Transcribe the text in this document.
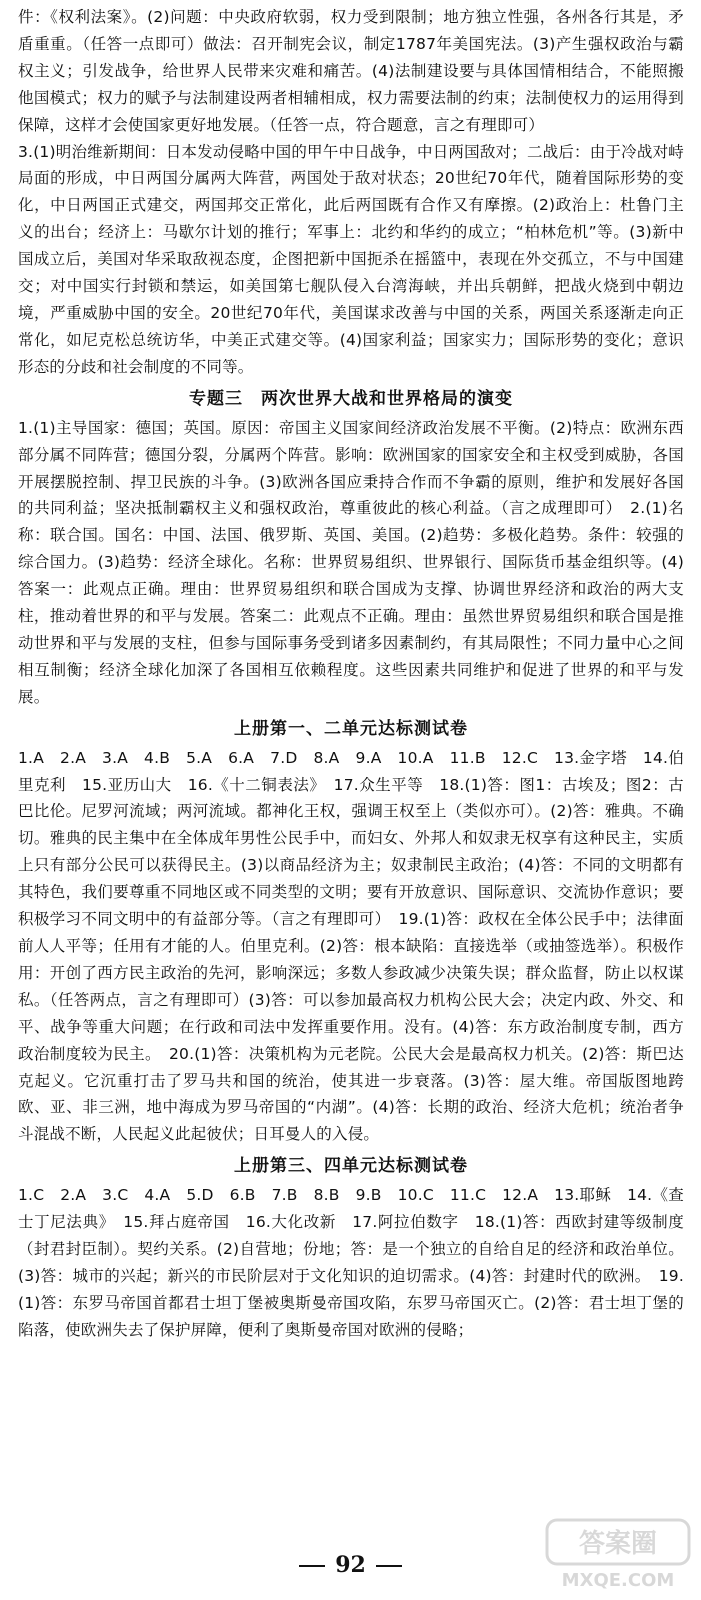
件：《权利法案》。(2)问题：中央政府软弱，权力受到限制；地方独立性强，各州各行其是，矛盾重重。（任答一点即可）做法：召开制宪会议，制定1787年美国宪法。(3)产生强权政治与霸权主义；引发战争，给世界人民带来灾难和痛苦。(4)法制建设要与具体国情相结合，不能照搬他国模式；权力的赋予与法制建设两者相辅相成，权力需要法制的约束；法制使权力的运用得到保障，这样才会使国家更好地发展。（任答一点，符合题意，言之有理即可）

3.(1)明治维新期间：日本发动侵略中国的甲午中日战争，中日两国敌对；二战后：由于冷战对峙局面的形成，中日两国分属两大阵营，两国处于敌对状态；20世纪70年代，随着国际形势的变化，中日两国正式建交，两国邦交正常化，此后两国既有合作又有摩擦。(2)政治上：杜鲁门主义的出台；经济上：马歇尔计划的推行；军事上：北约和华约的成立；“柏林危机”等。(3)新中国成立后，美国对华采取敌视态度，企图把新中国扼杀在摇篮中，表现在外交孤立，不与中国建交；对中国实行封锁和禁运，如美国第七舰队侵入台湾海峡，并出兵朝鲜，把战火烧到中朝边境，严重威胁中国的安全。20世纪70年代，美国谋求改善与中国的关系，两国关系逐渐走向正常化，如尼克松总统访华，中美正式建交等。(4)国家利益；国家实力；国际形势的变化；意识形态的分歧和社会制度的不同等。

专题三　两次世界大战和世界格局的演变

1.(1)主导国家：德国；英国。原因：帝国主义国家间经济政治发展不平衡。(2)特点：欧洲东西部分属不同阵营；德国分裂，分属两个阵营。影响：欧洲国家的国家安全和主权受到威胁，各国开展摆脱控制、捍卫民族的斗争。(3)欧洲各国应秉持合作而不争霸的原则，维护和发展好各国的共同利益；坚决抵制霸权主义和强权政治，尊重彼此的核心利益。（言之成理即可）　2.(1)名称：联合国。国名：中国、法国、俄罗斯、英国、美国。(2)趋势：多极化趋势。条件：较强的综合国力。(3)趋势：经济全球化。名称：世界贸易组织、世界银行、国际货币基金组织等。(4)答案一：此观点正确。理由：世界贸易组织和联合国成为支撑、协调世界经济和政治的两大支柱，推动着世界的和平与发展。答案二：此观点不正确。理由：虽然世界贸易组织和联合国是推动世界和平与发展的支柱，但参与国际事务受到诸多因素制约，有其局限性；不同力量中心之间相互制衡；经济全球化加深了各国相互依赖程度。这些因素共同维护和促进了世界的和平与发展。

上册第一、二单元达标测试卷

1.A　2.A　3.A　4.B　5.A　6.A　7.D　8.A　9.A　10.A　11.B　12.C　13.金字塔　14.伯里克利　15.亚历山大　16.《十二铜表法》　17.众生平等　18.(1)答：图1：古埃及；图2：古巴比伦。尼罗河流域；两河流域。都神化王权，强调王权至上（类似亦可）。(2)答：雅典。不确切。雅典的民主集中在全体成年男性公民手中，而妇女、外邦人和奴隶无权享有这种民主，实质上只有部分公民可以获得民主。(3)以商品经济为主；奴隶制民主政治；(4)答：不同的文明都有其特色，我们要尊重不同地区或不同类型的文明；要有开放意识、国际意识、交流协作意识；要积极学习不同文明中的有益部分等。（言之有理即可）　19.(1)答：政权在全体公民手中；法律面前人人平等；任用有才能的人。伯里克利。(2)答：根本缺陷：直接选举（或抽签选举）。积极作用：开创了西方民主政治的先河，影响深远；多数人参政减少决策失误；群众监督，防止以权谋私。（任答两点，言之有理即可）(3)答：可以参加最高权力机构公民大会；决定内政、外交、和平、战争等重大问题；在行政和司法中发挥重要作用。没有。(4)答：东方政治制度专制，西方政治制度较为民主。　20.(1)答：决策机构为元老院。公民大会是最高权力机关。(2)答：斯巴达克起义。它沉重打击了罗马共和国的统治，使其进一步衰落。(3)答：屋大维。帝国版图地跨欧、亚、非三洲，地中海成为罗马帝国的“内湖”。(4)答：长期的政治、经济大危机；统治者争斗混战不断，人民起义此起彼伏；日耳曼人的入侵。

上册第三、四单元达标测试卷

1.C　2.A　3.C　4.A　5.D　6.B　7.B　8.B　9.B　10.C　11.C　12.A　13.耶稣　14.《查士丁尼法典》　15.拜占庭帝国　16.大化改新　17.阿拉伯数字　18.(1)答：西欧封建等级制度（封君封臣制）。契约关系。(2)自营地；份地；答：是一个独立的自给自足的经济和政治单位。(3)答：城市的兴起；新兴的市民阶层对于文化知识的迫切需求。(4)答：封建时代的欧洲。　19.(1)答：东罗马帝国首都君士坦丁堡被奥斯曼帝国攻陷，东罗马帝国灭亡。(2)答：君士坦丁堡的陷落，使欧洲失去了保护屏障，便利了奥斯曼帝国对欧洲的侵略；

92
答案圈
MXQE.COM
